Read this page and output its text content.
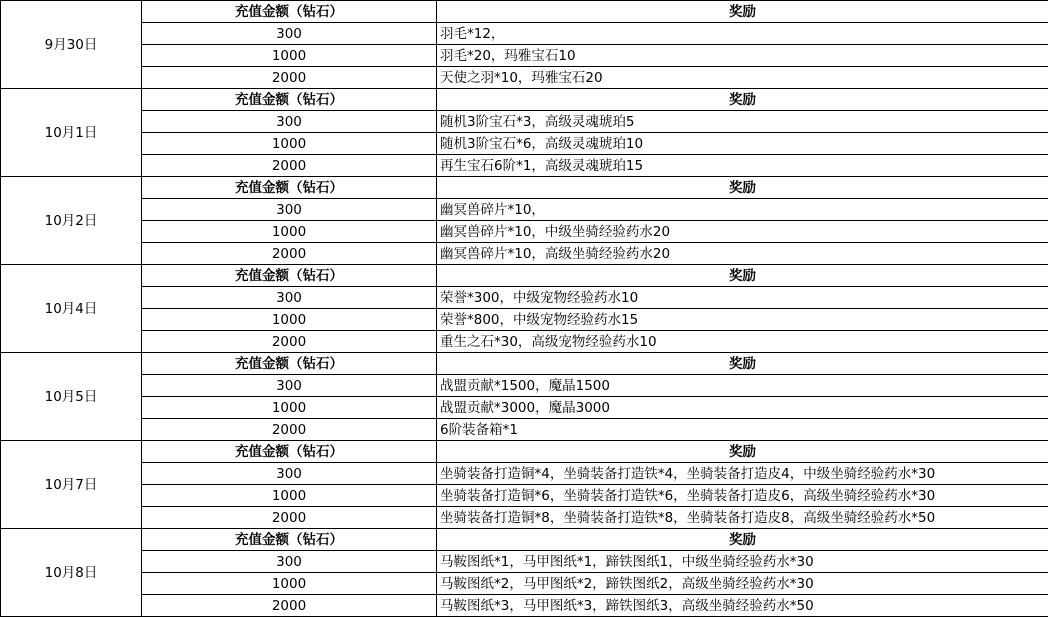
9月30日	充值金额（钻石）	奖励
	300	羽毛*12，
	1000	羽毛*20，玛雅宝石10
	2000	天使之羽*10，玛雅宝石20
10月1日	充值金额（钻石）	奖励
	300	随机3阶宝石*3，高级灵魂琥珀5
	1000	随机3阶宝石*6，高级灵魂琥珀10
	2000	再生宝石6阶*1，高级灵魂琥珀15
10月2日	充值金额（钻石）	奖励
	300	幽冥兽碎片*10，
	1000	幽冥兽碎片*10，中级坐骑经验药水20
	2000	幽冥兽碎片*10，高级坐骑经验药水20
10月4日	充值金额（钻石）	奖励
	300	荣誉*300，中级宠物经验药水10
	1000	荣誉*800，中级宠物经验药水15
	2000	重生之石*30，高级宠物经验药水10
10月5日	充值金额（钻石）	奖励
	300	战盟贡献*1500，魔晶1500
	1000	战盟贡献*3000，魔晶3000
	2000	6阶装备箱*1
10月7日	充值金额（钻石）	奖励
	300	坐骑装备打造铜*4，坐骑装备打造铁*4，坐骑装备打造皮4，中级坐骑经验药水*30
	1000	坐骑装备打造铜*6，坐骑装备打造铁*6，坐骑装备打造皮6，高级坐骑经验药水*30
	2000	坐骑装备打造铜*8，坐骑装备打造铁*8，坐骑装备打造皮8，高级坐骑经验药水*50
10月8日	充值金额（钻石）	奖励
	300	马鞍图纸*1，马甲图纸*1，蹄铁图纸1，中级坐骑经验药水*30
	1000	马鞍图纸*2，马甲图纸*2，蹄铁图纸2，高级坐骑经验药水*30
	2000	马鞍图纸*3，马甲图纸*3，蹄铁图纸3，高级坐骑经验药水*50
